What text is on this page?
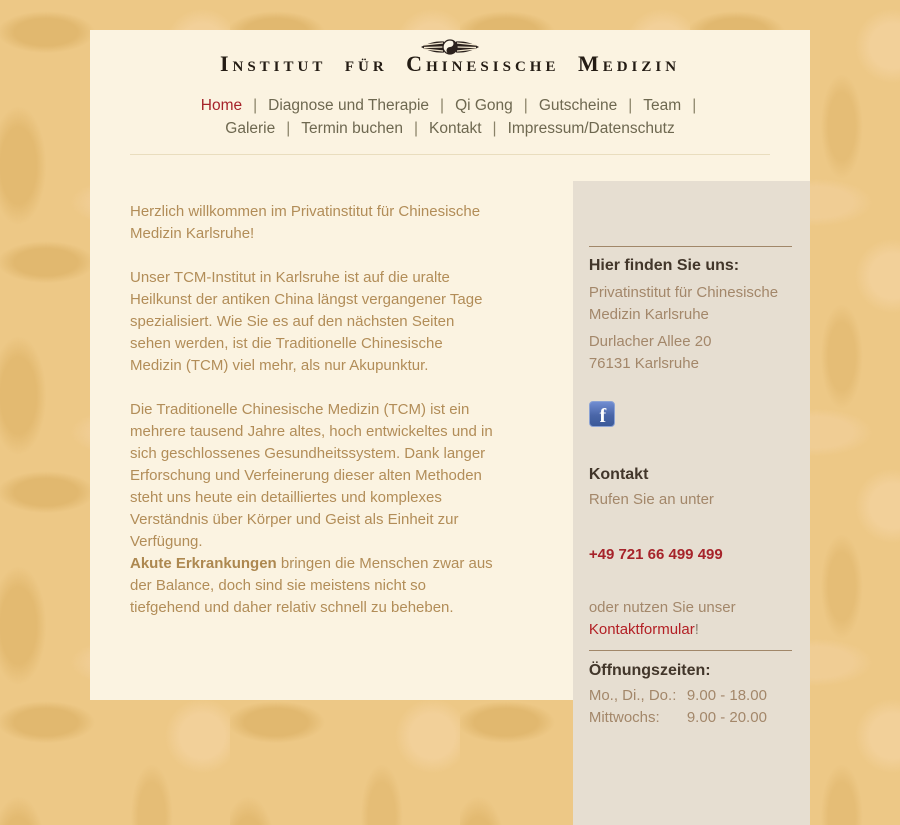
Institut für Chinesische Medizin
Home | Diagnose und Therapie | Qi Gong | Gutscheine | Team |
Galerie | Termin buchen | Kontakt | Impressum/Datenschutz

Herzlich willkommen im Privatinstitut für Chinesische Medizin Karlsruhe!

Unser TCM-Institut in Karlsruhe ist auf die uralte Heilkunst der antiken China längst vergangener Tage spezialisiert. Wie Sie es auf den nächsten Seiten sehen werden, ist die Traditionelle Chinesische Medizin (TCM) viel mehr, als nur Akupunktur.

Die Traditionelle Chinesische Medizin (TCM) ist ein mehrere tausend Jahre altes, hoch entwickeltes und in sich geschlossenes Gesundheitssystem. Dank langer Erforschung und Verfeinerung dieser alten Methoden steht uns heute ein detailliertes und komplexes Verständnis über Körper und Geist als Einheit zur Verfügung.

Akute Erkrankungen bringen die Menschen zwar aus der Balance, doch sind sie meistens nicht so tiefgehend und daher relativ schnell zu beheben.

Hier finden Sie uns:
Privatinstitut für Chinesische
Medizin Karlsruhe
Durlacher Allee 20
76131 Karlsruhe
f
Kontakt
Rufen Sie an unter
+49 721 66 499 499
oder nutzen Sie unser
Kontaktformular!
Öffnungszeiten:
Mo., Di., Do.: 9.00 - 18.00
Mittwochs:	9.00 - 20.00
